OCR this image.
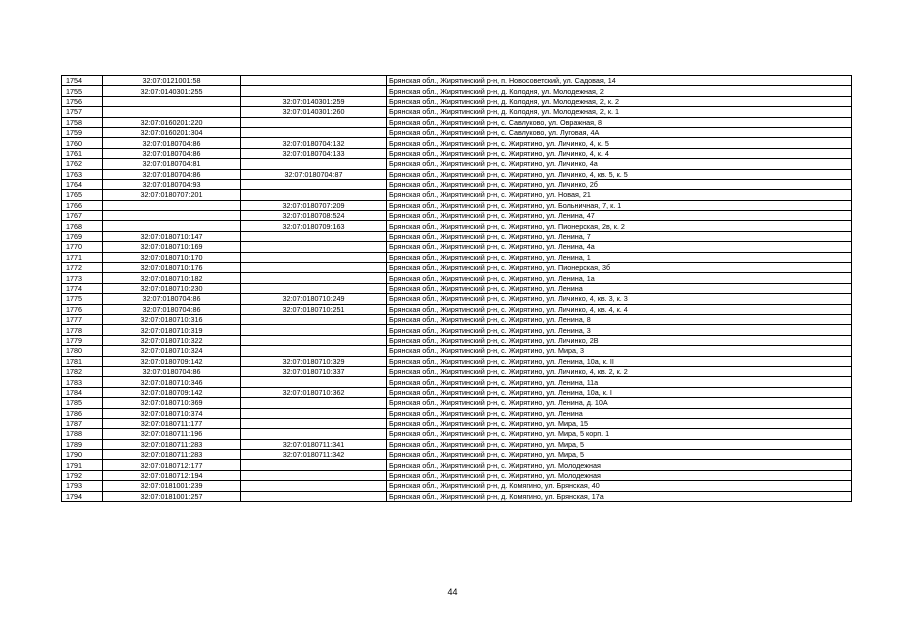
1754	32:07:0121001:58		Брянская обл., Жирятинский р-н, п. Новосоветский, ул. Садовая, 14
1755	32:07:0140301:255		Брянская обл., Жирятинский р-н, д. Колодня, ул. Молодежная, 2
1756		32:07:0140301:259	Брянская обл., Жирятинский р-н, д. Колодня, ул. Молодежная, 2, к. 2
1757		32:07:0140301:260	Брянская обл., Жирятинский р-н, д. Колодня, ул. Молодежная, 2, к. 1
1758	32:07:0160201:220		Брянская обл., Жирятинский р-н, с. Савлуково, ул. Овражная, 8
1759	32:07:0160201:304		Брянская обл., Жирятинский р-н, с. Савлуково, ул. Луговая, 4А
1760	32:07:0180704:86	32:07:0180704:132	Брянская обл., Жирятинский р-н, с. Жирятино, ул. Личинко, 4, к. 5
1761	32:07:0180704:86	32:07:0180704:133	Брянская обл., Жирятинский р-н, с. Жирятино, ул. Личинко, 4, к. 4
1762	32:07:0180704:81		Брянская обл., Жирятинский р-н, с. Жирятино, ул. Личинко, 4а
1763	32:07:0180704:86	32:07:0180704:87	Брянская обл., Жирятинский р-н, с. Жирятино, ул. Личинко, 4, кв. 5, к. 5
1764	32:07:0180704:93		Брянская обл., Жирятинский р-н, с. Жирятино, ул. Личинко, 2б
1765	32:07:0180707:201		Брянская обл., Жирятинский р-н, с. Жирятино, ул. Новая, 21
1766		32:07:0180707:209	Брянская обл., Жирятинский р-н, с. Жирятино, ул. Больничная, 7, к. 1
1767		32:07:0180708:524	Брянская обл., Жирятинский р-н, с. Жирятино, ул. Ленина, 47
1768		32:07:0180709:163	Брянская обл., Жирятинский р-н, с. Жирятино, ул. Пионерская, 2в, к. 2
1769	32:07:0180710:147		Брянская обл., Жирятинский р-н, с. Жирятино, ул. Ленина, 7
1770	32:07:0180710:169		Брянская обл., Жирятинский р-н, с. Жирятино, ул. Ленина, 4а
1771	32:07:0180710:170		Брянская обл., Жирятинский р-н, с. Жирятино, ул. Ленина, 1
1772	32:07:0180710:176		Брянская обл., Жирятинский р-н, с. Жирятино, ул. Пионерская, 3б
1773	32:07:0180710:182		Брянская обл., Жирятинский р-н, с. Жирятино, ул. Ленина, 1а
1774	32:07:0180710:230		Брянская обл., Жирятинский р-н, с. Жирятино, ул. Ленина
1775	32:07:0180704:86	32:07:0180710:249	Брянская обл., Жирятинский р-н, с. Жирятино, ул. Личинко, 4, кв. 3, к. 3
1776	32:07:0180704:86	32:07:0180710:251	Брянская обл., Жирятинский р-н, с. Жирятино, ул. Личинко, 4, кв. 4, к. 4
1777	32:07:0180710:316		Брянская обл., Жирятинский р-н, с. Жирятино, ул. Ленина, 8
1778	32:07:0180710:319		Брянская обл., Жирятинский р-н, с. Жирятино, ул. Ленина, 3
1779	32:07:0180710:322		Брянская обл., Жирятинский р-н, с. Жирятино, ул. Личинко, 2В
1780	32:07:0180710:324		Брянская обл., Жирятинский р-н, с. Жирятино, ул. Мира, 3
1781	32:07:0180709:142	32:07:0180710:329	Брянская обл., Жирятинский р-н, с. Жирятино, ул. Ленина, 10а, к. II
1782	32:07:0180704:86	32:07:0180710:337	Брянская обл., Жирятинский р-н, с. Жирятино, ул. Личинко, 4, кв. 2, к. 2
1783	32:07:0180710:346		Брянская обл., Жирятинский р-н, с. Жирятино, ул. Ленина, 11а
1784	32:07:0180709:142	32:07:0180710:362	Брянская обл., Жирятинский р-н, с. Жирятино, ул. Ленина, 10а, к. I
1785	32:07:0180710:369		Брянская обл., Жирятинский р-н, с. Жирятино, ул. Ленина, д. 10А
1786	32:07:0180710:374		Брянская обл., Жирятинский р-н, с. Жирятино, ул. Ленина
1787	32:07:0180711:177		Брянская обл., Жирятинский р-н, с. Жирятино, ул. Мира, 15
1788	32:07:0180711:196		Брянская обл., Жирятинский р-н, с. Жирятино, ул. Мира, 5 корп. 1
1789	32:07:0180711:283	32:07:0180711:341	Брянская обл., Жирятинский р-н, с. Жирятино, ул. Мира, 5
1790	32:07:0180711:283	32:07:0180711:342	Брянская обл., Жирятинский р-н, с. Жирятино, ул. Мира, 5
1791	32:07:0180712:177		Брянская обл., Жирятинский р-н, с. Жирятино, ул. Молодежная
1792	32:07:0180712:194		Брянская обл., Жирятинский р-н, с. Жирятино, ул. Молодежная
1793	32:07:0181001:239		Брянская обл., Жирятинский р-н, д. Комягино, ул. Брянская, 40
1794	32:07:0181001:257		Брянская обл., Жирятинский р-н, д. Комягино, ул. Брянская, 17а
44
